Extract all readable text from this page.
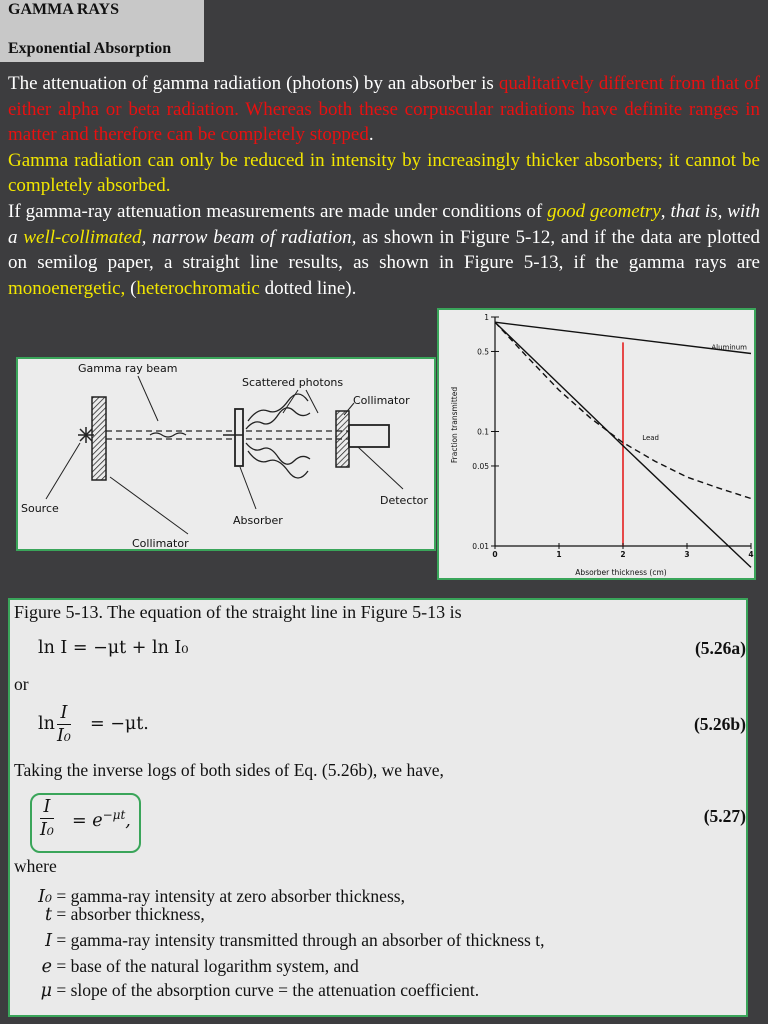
GAMMA RAYS
Exponential Absorption

The attenuation of gamma radiation (photons) by an absorber is qualitatively different from that of either alpha or beta radiation. Whereas both these corpuscular radiations have definite ranges in matter and therefore can be completely stopped.

Gamma radiation can only be reduced in intensity by increasingly thicker absorbers; it cannot be completely absorbed.

If gamma-ray attenuation measurements are made under conditions of good geometry, that is, with a well-collimated, narrow beam of radiation, as shown in Figure 5-12, and if the data are plotted on semilog paper, a straight line results, as shown in Figure 5-13, if the gamma rays are monoenergetic, (heterochromatic dotted line).

Gamma ray beam
Scattered photons
Collimator
Detector
Source
Absorber
Collimator
Aluminum
Lead
1
0.5
0.1
0.05
0.01
0	1	2	3	4
Absorber thickness (cm)
Fraction transmitted
Figure 5-13. The equation of the straight line in Figure 5-13 is
ln I = −μt + ln I₀	(5.26a)
or
$\ln \frac{I}{\text{I₀}} = -\mu t$.	(5.26b)
Taking the inverse logs of both sides of Eq. (5.26b), we have,
$\frac{I}{\text{I₀}} = e^{-\mu t}$,	(5.27)
where
I₀ = gamma-ray intensity at zero absorber thickness,
t = absorber thickness,
I = gamma-ray intensity transmitted through an absorber of thickness t,
e = base of the natural logarithm system, and
μ = slope of the absorption curve = the attenuation coefficient.
